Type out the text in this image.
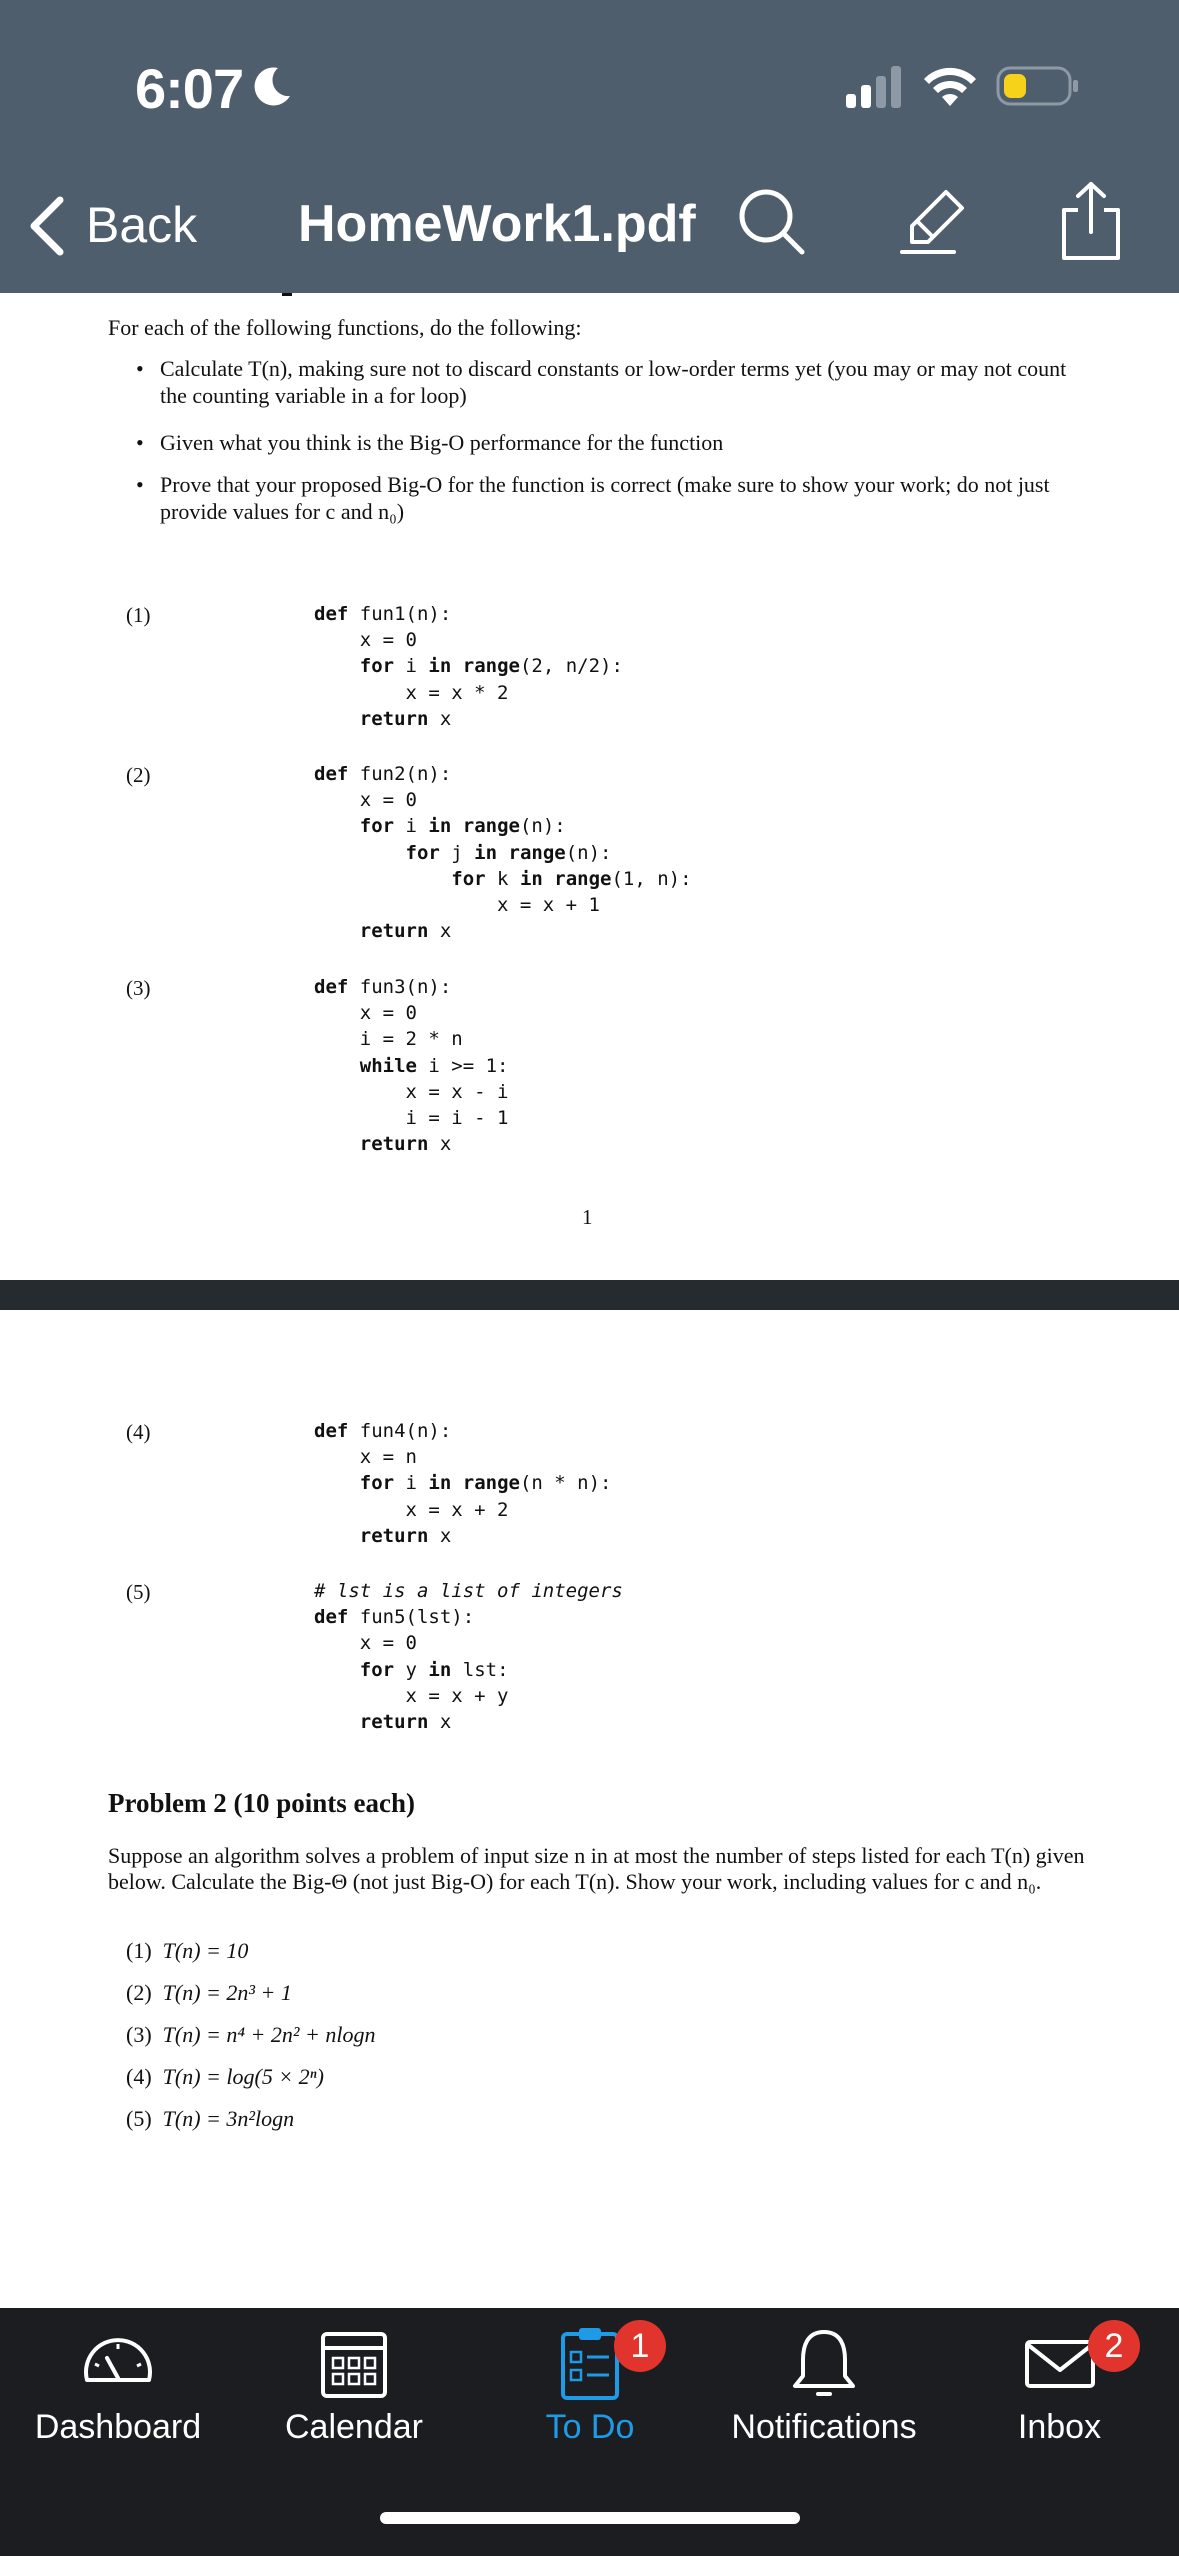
6:07
Back HomeWork1.pdf
For each of the following functions, do the following:
• Calculate T(n), making sure not to discard constants or low-order terms yet (you may or may not count the counting variable in a for loop)
• Given what you think is the Big-O performance for the function
• Prove that your proposed Big-O for the function is correct (make sure to show your work; do not just provide values for c and n₀)
(1)	def fun1(n):
x = 0
for i in range(2, n/2):
x = x * 2
return x
(2)	def fun2(n):
x = 0
for i in range(n):
for j in range(n):
for k in range(1, n):
x = x + 1
return x
(3)	def fun3(n):
x = 0
i = 2 * n
while i >= 1:
x = x - i
i = i - 1
return x
1
(4)	def fun4(n):
x = n
for i in range(n * n):
x = x + 2
return x
(5)	# lst is a list of integers
def fun5(lst):
x = 0
for y in lst:
x = x + y
return x
Problem 2 (10 points each)
Suppose an algorithm solves a problem of input size n in at most the number of steps listed for each T(n) given below. Calculate the Big-Θ (not just Big-O) for each T(n). Show your work, including values for c and n₀.
(1) T(n) = 10
(2) T(n) = 2n³ + 1
(3) T(n) = n⁴ + 2n² + nlogn
(4) T(n) = log(5 × 2ⁿ)
(5) T(n) = 3n²logn
Dashboard	Calendar	To Do
1
Notifications	Inbox
2
